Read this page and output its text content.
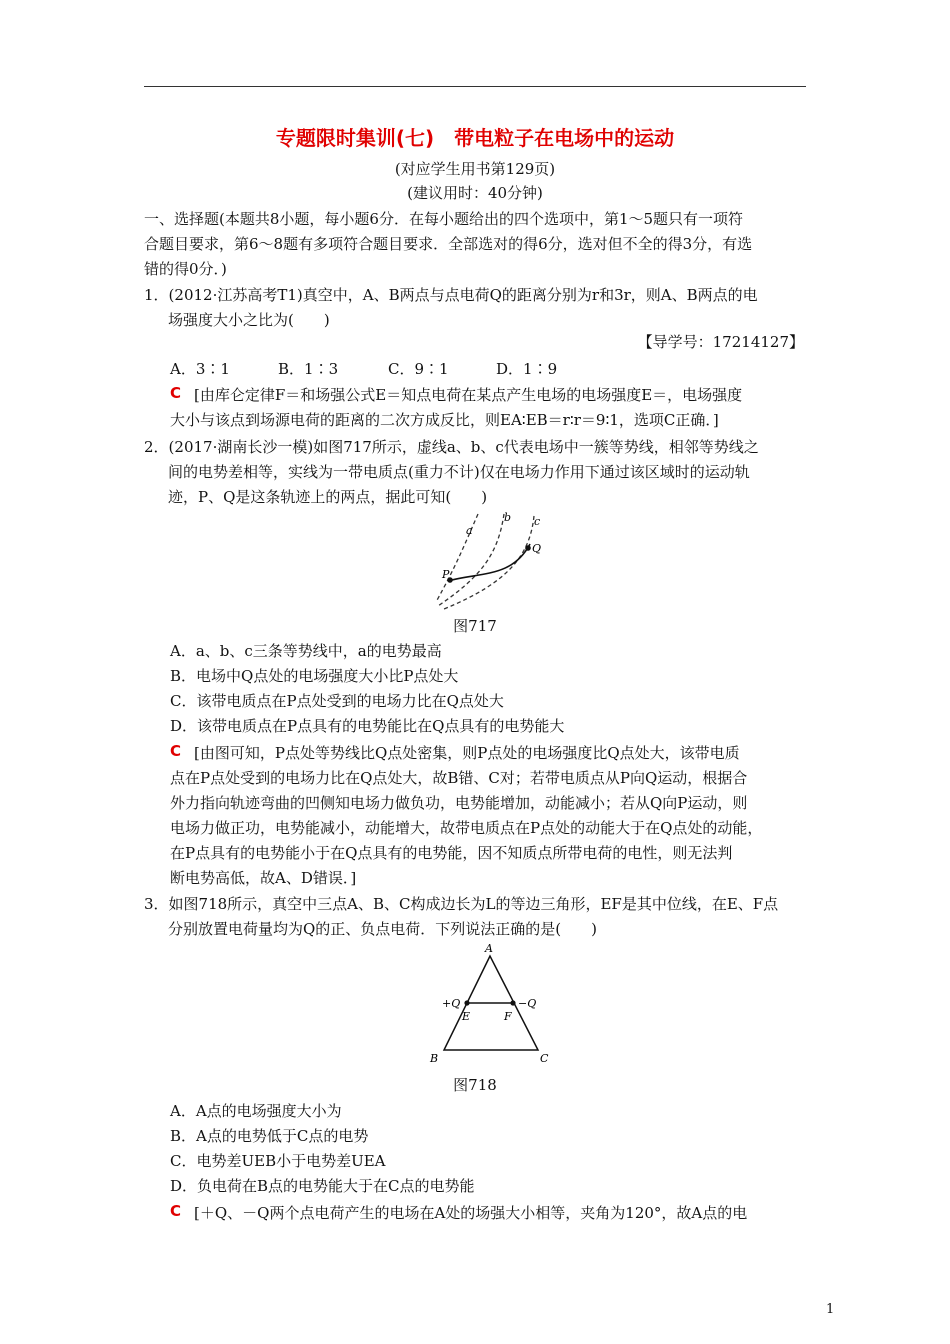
专题限时集训(七)　带电粒子在电场中的运动
(对应学生用书第129页)
(建议用时：40分钟)
一、选择题(本题共8小题，每小题6分．在每小题给出的四个选项中，第1～5题只有一项符
合题目要求，第6～8题有多项符合题目要求．全部选对的得6分，选对但不全的得3分，有选
错的得0分．)
1．(2012·江苏高考T1)真空中，A、B两点与点电荷Q的距离分别为r和3r，则A、B两点的电
场强度大小之比为(　　)
【导学号：17214127】
A．3∶1	B．1∶3	C．9∶1	D．1∶9
C [由库仑定律F＝和场强公式E＝知点电荷在某点产生电场的电场强度E＝，电场强度
大小与该点到场源电荷的距离的二次方成反比，则EA∶EB＝r∶r＝9∶1，选项C正确．]
2．(2017·湖南长沙一模)如图717所示，虚线a、b、c代表电场中一簇等势线，相邻等势线之
间的电势差相等，实线为一带电质点(重力不计)仅在电场力作用下通过该区域时的运动轨
迹，P、Q是这条轨迹上的两点，据此可知(　　)
a
b c
P
Q
图717
A．a、b、c三条等势线中，a的电势最高
B．电场中Q点处的电场强度大小比P点处大
C．该带电质点在P点处受到的电场力比在Q点处大
D．该带电质点在P点具有的电势能比在Q点具有的电势能大
C [由图可知，P点处等势线比Q点处密集，则P点处的电场强度比Q点处大，该带电质
点在P点处受到的电场力比在Q点处大，故B错、C对；若带电质点从P向Q运动，根据合
外力指向轨迹弯曲的凹侧知电场力做负功，电势能增加，动能减小；若从Q向P运动，则
电场力做正功，电势能减小，动能增大，故带电质点在P点处的动能大于在Q点处的动能，
在P点具有的电势能小于在Q点具有的电势能，因不知质点所带电荷的电性，则无法判
断电势高低，故A、D错误．]
3．如图718所示，真空中三点A、B、C构成边长为L的等边三角形，EF是其中位线，在E、F点
分别放置电荷量均为Q的正、负点电荷．下列说法正确的是(　　)
A
B	C
E	F
+Q	−Q
图718
A．A点的电场强度大小为
B．A点的电势低于C点的电势
C．电势差UEB小于电势差UEA
D．负电荷在B点的电势能大于在C点的电势能
C [＋Q、－Q两个点电荷产生的电场在A处的场强大小相等，夹角为120°，故A点的电
1
